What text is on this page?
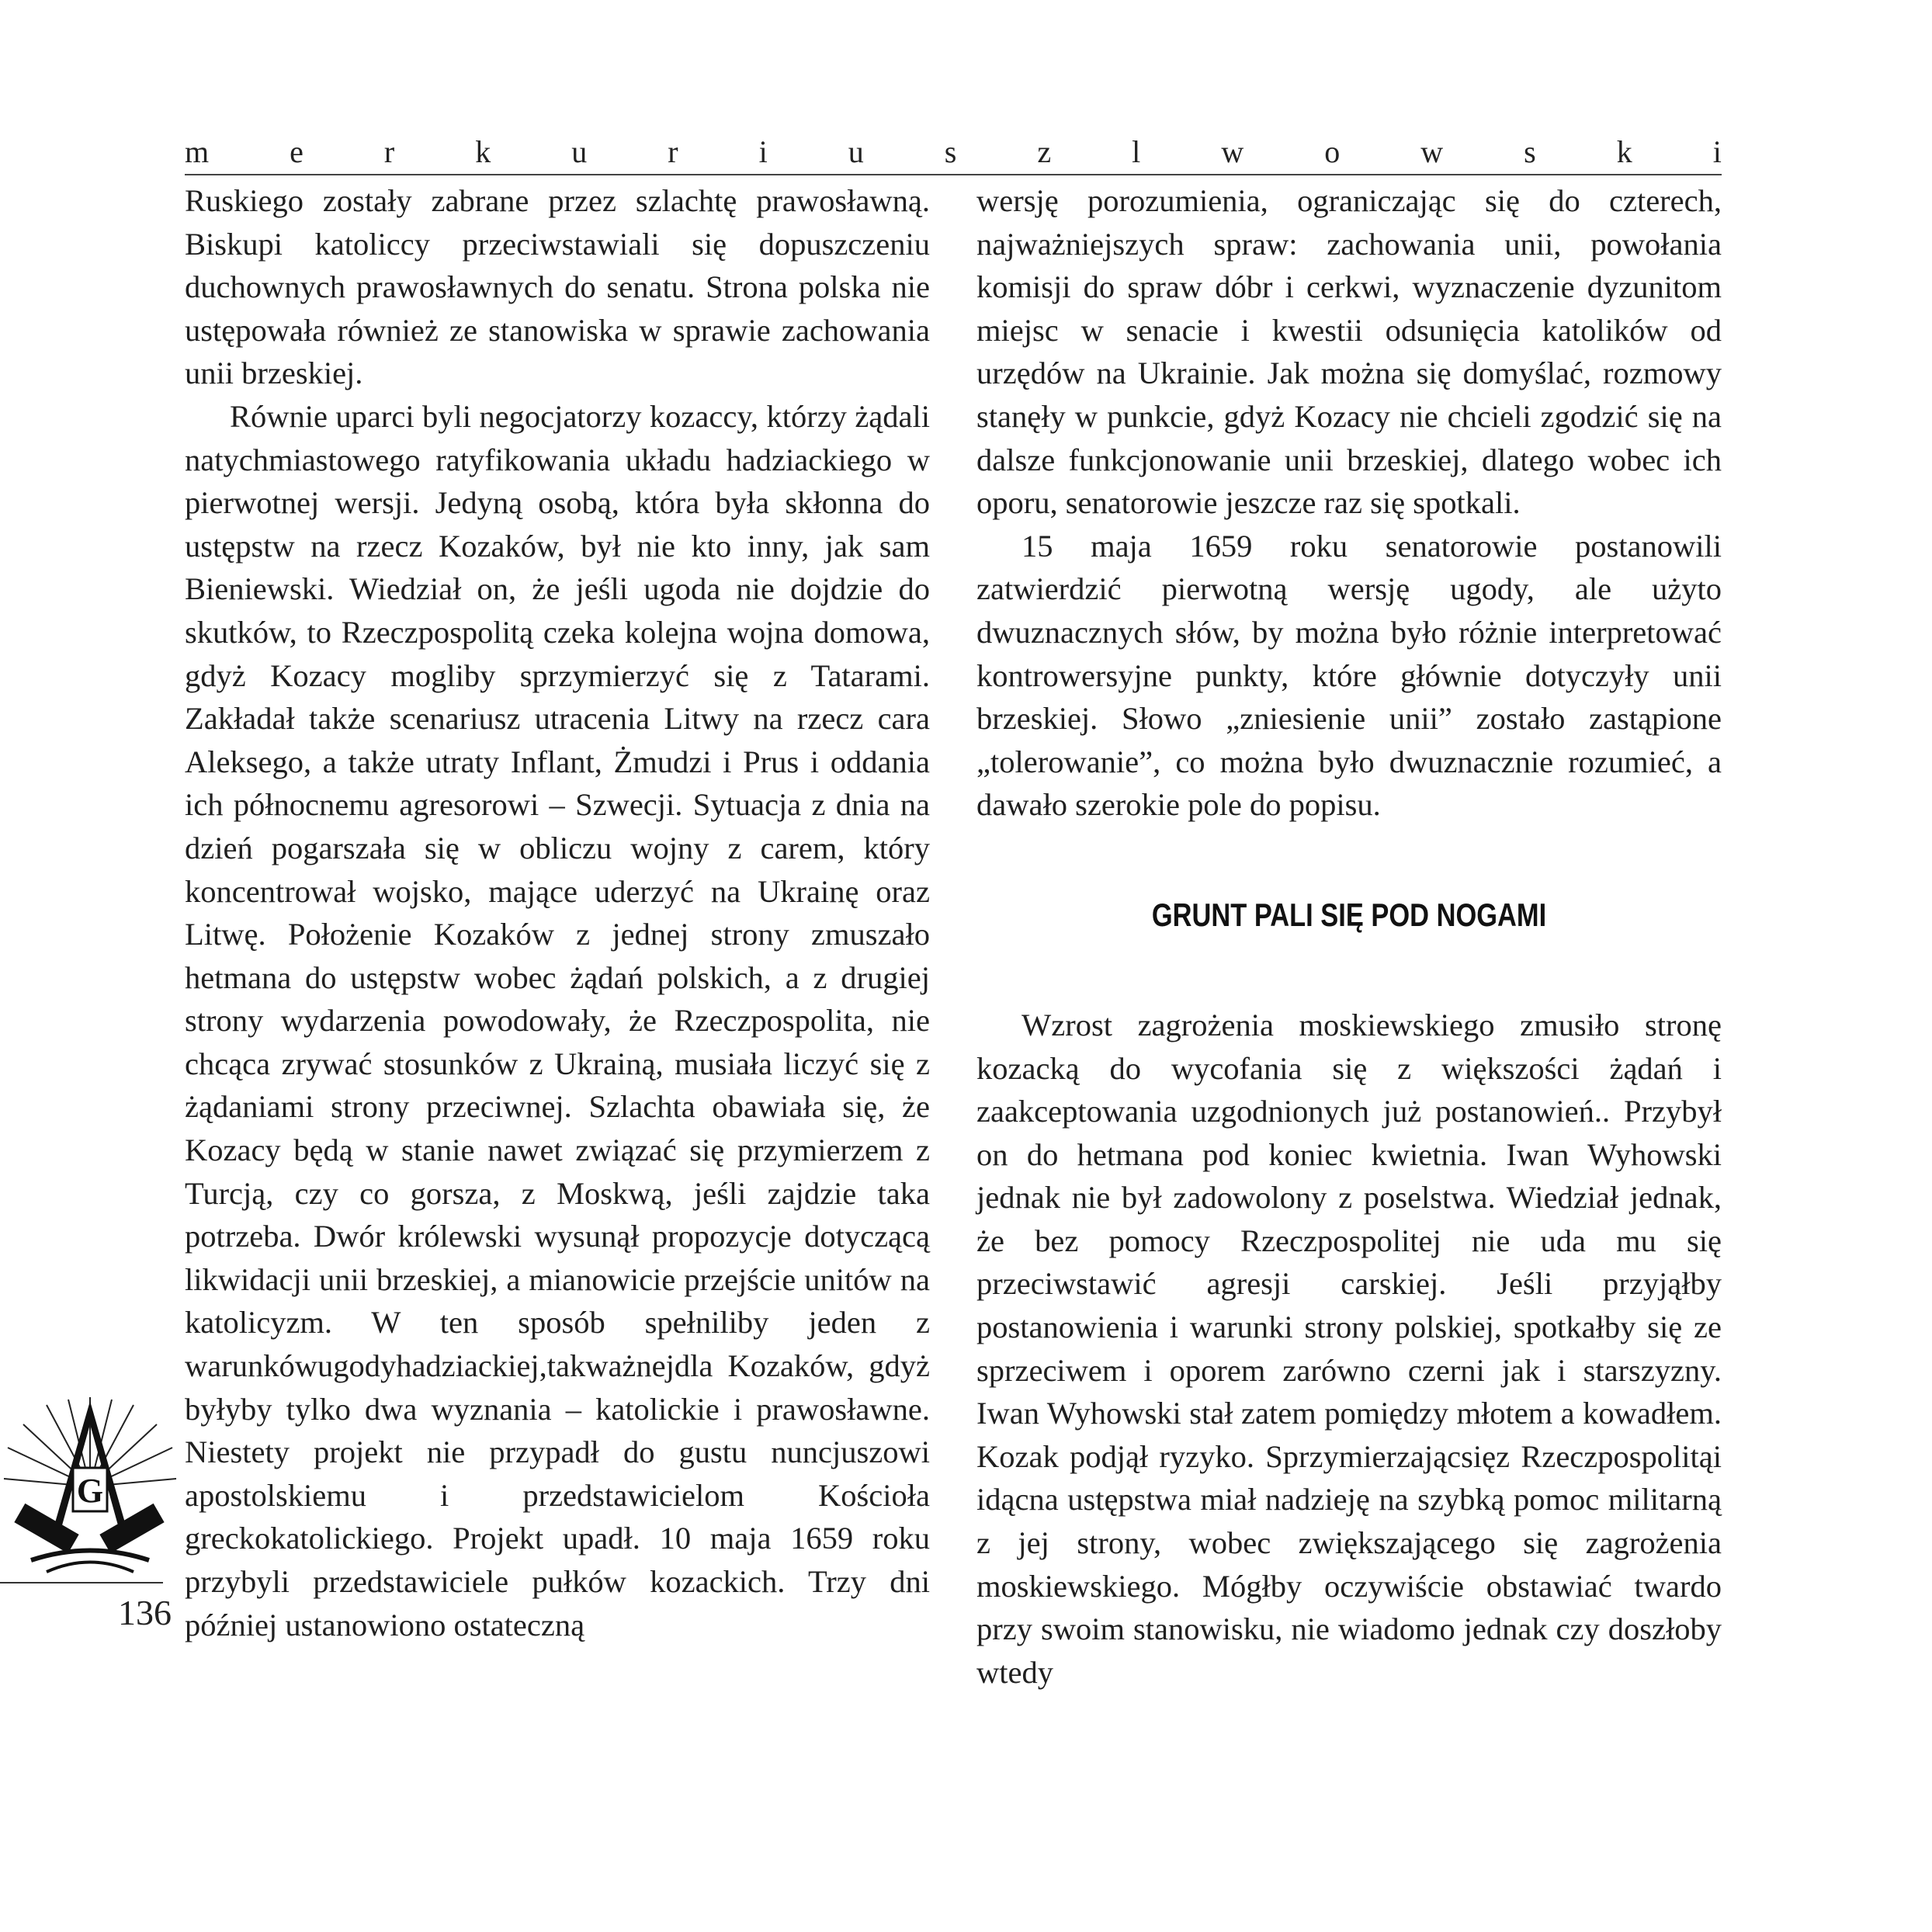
m	e	r	k	u	r	i	u	s	z	l	w	o	w	s	k	i

Ruskiego zostały zabrane przez szlachtę prawosławną. Biskupi katoliccy przeciwstawiali się dopuszczeniu duchownych prawosławnych do senatu. Strona polska nie ustępowała również ze stanowiska w sprawie zachowania unii brzeskiej.

Równie uparci byli negocjatorzy kozaccy, którzy żądali natychmiastowego ratyfikowania układu hadziackiego w pierwotnej wersji. Jedyną osobą, która była skłonna do ustępstw na rzecz Kozaków, był nie kto inny, jak sam Bieniewski. Wiedział on, że jeśli ugoda nie dojdzie do skutków, to Rzeczpospolitą czeka kolejna wojna domowa, gdyż Kozacy mogliby sprzymierzyć się z Tatarami. Zakładał także scenariusz utracenia Litwy na rzecz cara Aleksego, a także utraty Inflant, Żmudzi i Prus i oddania ich północnemu agresorowi – Szwecji. Sytuacja z dnia na dzień pogarszała się w obliczu wojny z carem, który koncentrował wojsko, mające uderzyć na Ukrainę oraz Litwę. Położenie Kozaków z jednej strony zmuszało hetmana do ustępstw wobec żądań polskich, a z drugiej strony wydarzenia powodowały, że Rzeczpospolita, nie chcąca zrywać stosunków z Ukrainą, musiała liczyć się z żądaniami strony przeciwnej. Szlachta obawiała się, że Kozacy będą w stanie nawet związać się przymierzem z Turcją, czy co gorsza, z Moskwą, jeśli zajdzie taka potrzeba. Dwór królewski wysunął propozycje dotyczącą likwidacji unii brzeskiej, a mianowicie przejście unitów na katolicyzm. W ten sposób spełniliby jeden z warunkówugodyhadziackiej,takważnejdla Kozaków, gdyż byłyby tylko dwa wyznania – katolickie i prawosławne. Niestety projekt nie przypadł do gustu nuncjuszowi apostolskiemu i przedstawicielom Kościoła greckokatolickiego. Projekt upadł. 10 maja 1659 roku przybyli przedstawiciele pułków kozackich. Trzy dni później ustanowiono ostateczną

wersję porozumienia, ograniczając się do czterech, najważniejszych spraw: zachowania unii, powołania komisji do spraw dóbr i cerkwi, wyznaczenie dyzunitom miejsc w senacie i kwestii odsunięcia katolików od urzędów na Ukrainie. Jak można się domyślać, rozmowy stanęły w punkcie, gdyż Kozacy nie chcieli zgodzić się na dalsze funkcjonowanie unii brzeskiej, dlatego wobec ich oporu, senatorowie jeszcze raz się spotkali.

15 maja 1659 roku senatorowie postanowili zatwierdzić pierwotną wersję ugody, ale użyto dwuznacznych słów, by można było różnie interpretować kontrowersyjne punkty, które głównie dotyczyły unii brzeskiej. Słowo „zniesienie unii” zostało zastąpione „tolerowanie”, co można było dwuznacznie rozumieć, a dawało szerokie pole do popisu.

GRUNT PALI SIĘ POD NOGAMI

Wzrost zagrożenia moskiewskiego zmusiło stronę kozacką do wycofania się z większości żądań i zaakceptowania uzgodnionych już postanowień.. Przybył on do hetmana pod koniec kwietnia. Iwan Wyhowski jednak nie był zadowolony z poselstwa. Wiedział jednak, że bez pomocy Rzeczpospolitej nie uda mu się przeciwstawić agresji carskiej. Jeśli przyjąłby postanowienia i warunki strony polskiej, spotkałby się ze sprzeciwem i oporem zarówno czerni jak i starszyzny. Iwan Wyhowski stał zatem pomiędzy młotem a kowadłem. Kozak podjął ryzyko. Sprzymierzającsięz Rzeczpospolitąi idącna ustępstwa miał nadzieję na szybką pomoc militarną z jej strony, wobec zwiększającego się zagrożenia moskiewskiego. Mógłby oczywiście obstawiać twardo przy swoim stanowisku, nie wiadomo jednak czy doszłoby wtedy

G
136
